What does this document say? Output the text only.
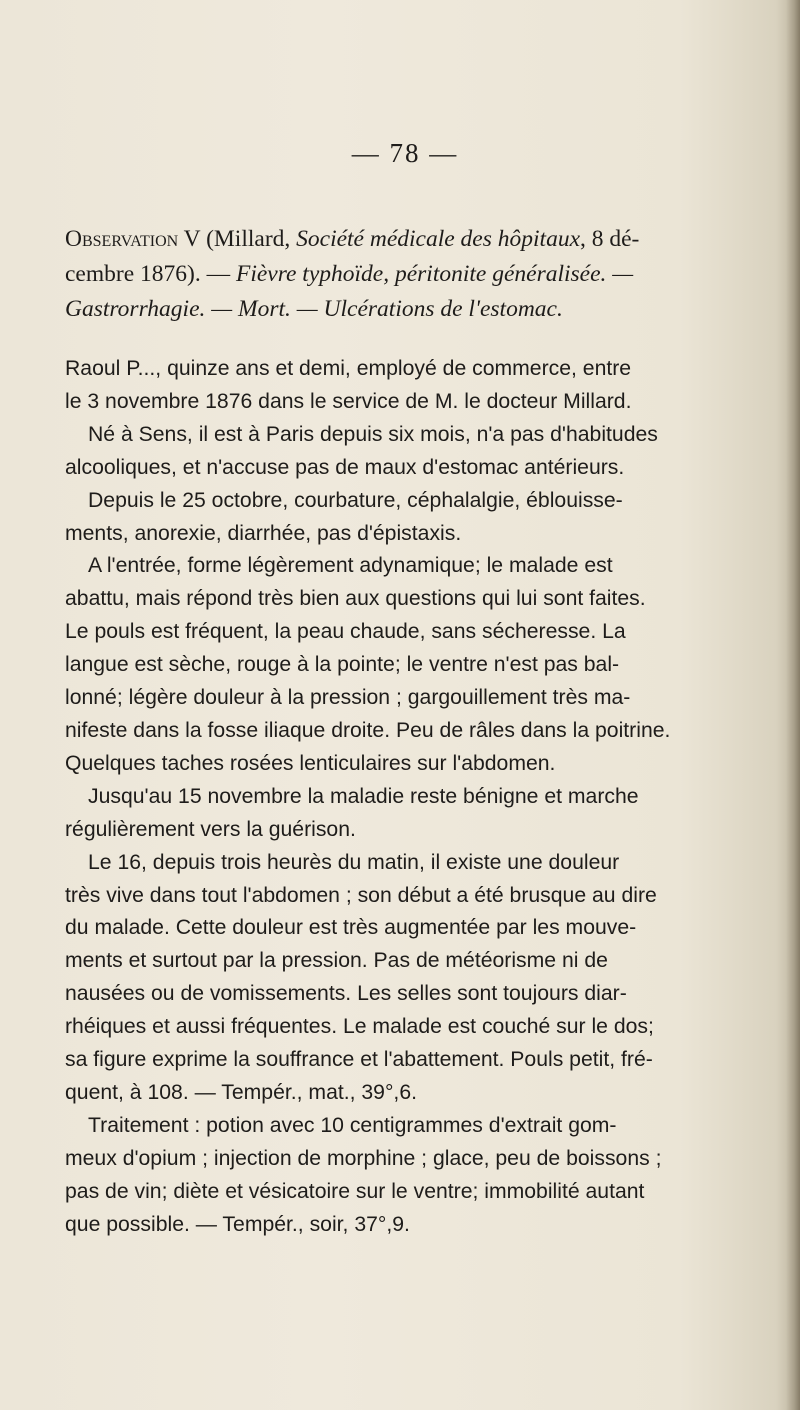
— 78 —
Observation V (Millard, Société médicale des hôpitaux, 8 dé-
cembre 1876). — Fièvre typhoïde, péritonite généralisée. —
Gastrorrhagie. — Mort. — Ulcérations de l'estomac.
Raoul P..., quinze ans et demi, employé de commerce, entre
le 3 novembre 1876 dans le service de M. le docteur Millard.
Né à Sens, il est à Paris depuis six mois, n'a pas d'habitudes
alcooliques, et n'accuse pas de maux d'estomac antérieurs.
Depuis le 25 octobre, courbature, céphalalgie, éblouisse-
ments, anorexie, diarrhée, pas d'épistaxis.
A l'entrée, forme légèrement adynamique; le malade est
abattu, mais répond très bien aux questions qui lui sont faites.
Le pouls est fréquent, la peau chaude, sans sécheresse. La
langue est sèche, rouge à la pointe; le ventre n'est pas bal-
lonné; légère douleur à la pression ; gargouillement très ma-
nifeste dans la fosse iliaque droite. Peu de râles dans la poitrine.
Quelques taches rosées lenticulaires sur l'abdomen.
Jusqu'au 15 novembre la maladie reste bénigne et marche
régulièrement vers la guérison.
Le 16, depuis trois heurès du matin, il existe une douleur
très vive dans tout l'abdomen ; son début a été brusque au dire
du malade. Cette douleur est très augmentée par les mouve-
ments et surtout par la pression. Pas de météorisme ni de
nausées ou de vomissements. Les selles sont toujours diar-
rhéiques et aussi fréquentes. Le malade est couché sur le dos;
sa figure exprime la souffrance et l'abattement. Pouls petit, fré-
quent, à 108. — Tempér., mat., 39°,6.
Traitement : potion avec 10 centigrammes d'extrait gom-
meux d'opium ; injection de morphine ; glace, peu de boissons ;
pas de vin; diète et vésicatoire sur le ventre; immobilité autant
que possible. — Tempér., soir, 37°,9.
